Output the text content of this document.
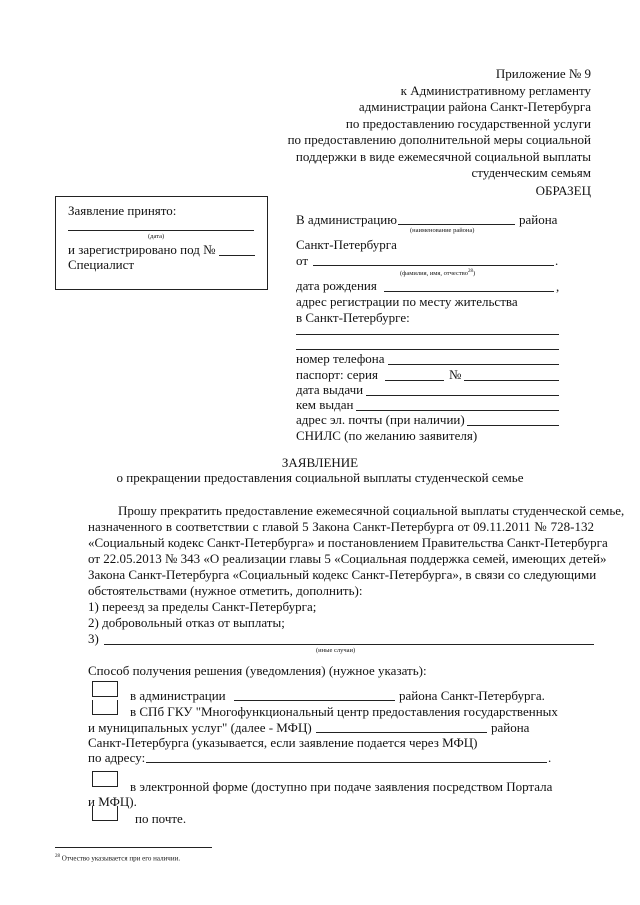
Приложение № 9
к Административному регламенту
администрации района Санкт-Петербурга
по предоставлению государственной услуги
по предоставлению дополнительной меры социальной
поддержки в виде ежемесячной социальной выплаты
студенческим семьям
ОБРАЗЕЦ
Заявление принято:
(дата)
и зарегистрировано под №
Специалист
В администрацию	района
(наименование района)
Санкт-Петербурга
от	.
(фамилия, имя, отчество$^{28}$)
дата рождения	,
адрес регистрации по месту жительства
в Санкт-Петербурге:
номер телефона
паспорт: серия	№
дата выдачи
кем выдан
адрес эл. почты (при наличии)
СНИЛС (по желанию заявителя)
ЗАЯВЛЕНИЕ
о прекращении предоставления социальной выплаты студенческой семье
Прошу прекратить предоставление ежемесячной социальной выплаты студенческой семье,
назначенного в соответствии с главой 5 Закона Санкт-Петербурга от 09.11.2011 № 728-132
«Социальный кодекс Санкт-Петербурга» и постановлением Правительства Санкт-Петербурга
от 22.05.2013 № 343 «О реализации главы 5 «Социальная поддержка семей, имеющих детей»
Закона Санкт-Петербурга «Социальный кодекс Санкт-Петербурга», в связи со следующими
обстоятельствами (нужное отметить, дополнить):
1) переезд за пределы Санкт-Петербурга;
2) добровольный отказ от выплаты;
3)
(иные случаи)
Способ получения решения (уведомления) (нужное указать):
в администрации	района Санкт-Петербурга.
в СПб ГКУ "Многофункциональный центр предоставления государственных
и муниципальных услуг" (далее - МФЦ)	района
Санкт-Петербурга (указывается, если заявление подается через МФЦ)
по адресу:	.
в электронной форме (доступно при подаче заявления посредством Портала
и МФЦ).
по почте.
$^{28}$ Отчество указывается при его наличии.
